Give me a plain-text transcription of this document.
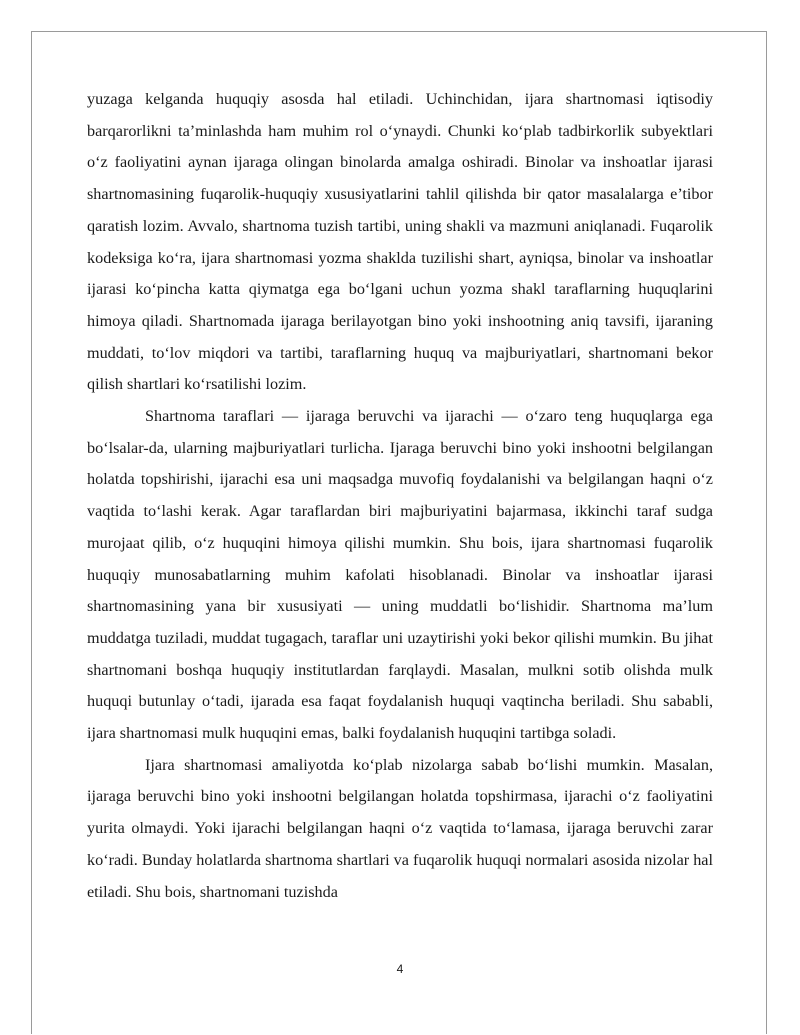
yuzaga kelganda huquqiy asosda hal etiladi. Uchinchidan, ijara shartnomasi iqtisodiy barqarorlikni ta’minlashda ham muhim rol o‘ynaydi. Chunki ko‘plab tadbirkorlik subyektlari o‘z faoliyatini aynan ijaraga olingan binolarda amalga oshiradi. Binolar va inshoatlar ijarasi shartnomasining fuqarolik-huquqiy xususiyatlarini tahlil qilishda bir qator masalalarga e’tibor qaratish lozim. Avvalo, shartnoma tuzish tartibi, uning shakli va mazmuni aniqlanadi. Fuqarolik kodeksiga ko‘ra, ijara shartnomasi yozma shaklda tuzilishi shart, ayniqsa, binolar va inshoatlar ijarasi ko‘pincha katta qiymatga ega bo‘lgani uchun yozma shakl taraflarning huquqlarini himoya qiladi. Shartnomada ijaraga berilayotgan bino yoki inshootning aniq tavsifi, ijaraning muddati, to‘lov miqdori va tartibi, taraflarning huquq va majburiyatlari, shartnomani bekor qilish shartlari ko‘rsatilishi lozim.

Shartnoma taraflari — ijaraga beruvchi va ijarachi — o‘zaro teng huquqlarga ega bo‘lsalar-da, ularning majburiyatlari turlicha. Ijaraga beruvchi bino yoki inshootni belgilangan holatda topshirishi, ijarachi esa uni maqsadga muvofiq foydalanishi va belgilangan haqni o‘z vaqtida to‘lashi kerak. Agar taraflardan biri majburiyatini bajarmasa, ikkinchi taraf sudga murojaat qilib, o‘z huquqini himoya qilishi mumkin. Shu bois, ijara shartnomasi fuqarolik huquqiy munosabatlarning muhim kafolati hisoblanadi. Binolar va inshoatlar ijarasi shartnomasining yana bir xususiyati — uning muddatli bo‘lishidir. Shartnoma ma’lum muddatga tuziladi, muddat tugagach, taraflar uni uzaytirishi yoki bekor qilishi mumkin. Bu jihat shartnomani boshqa huquqiy institutlardan farqlaydi. Masalan, mulkni sotib olishda mulk huquqi butunlay o‘tadi, ijarada esa faqat foydalanish huquqi vaqtincha beriladi. Shu sababli, ijara shartnomasi mulk huquqini emas, balki foydalanish huquqini tartibga soladi.

Ijara shartnomasi amaliyotda ko‘plab nizolarga sabab bo‘lishi mumkin. Masalan, ijaraga beruvchi bino yoki inshootni belgilangan holatda topshirmasa, ijarachi o‘z faoliyatini yurita olmaydi. Yoki ijarachi belgilangan haqni o‘z vaqtida to‘lamasa, ijaraga beruvchi zarar ko‘radi. Bunday holatlarda shartnoma shartlari va fuqarolik huquqi normalari asosida nizolar hal etiladi. Shu bois, shartnomani tuzishda

4
